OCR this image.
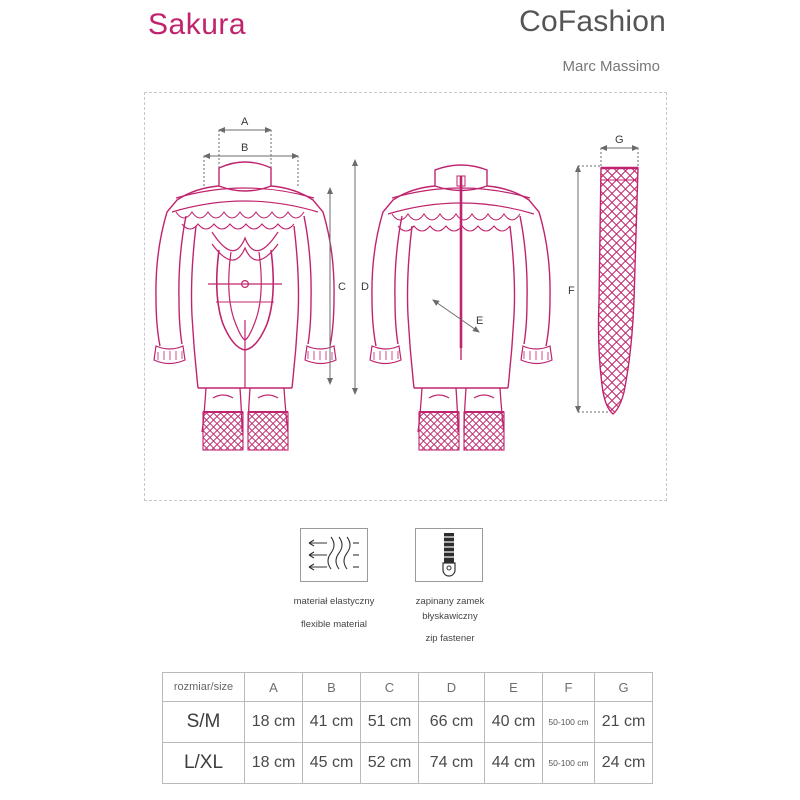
Sakura	CoFashion
Marc Massimo
A
B
C D
E
F
G
materiał elastyczny
flexible material
zapinany zamek błyskawiczny
zip fastener
rozmiar/size	A	B	C	D	E	F	G
S/M	18 cm	41 cm	51 cm	66 cm	40 cm	50-100 cm	21 cm
L/XL	18 cm	45 cm	52 cm	74 cm	44 cm	50-100 cm	24 cm
